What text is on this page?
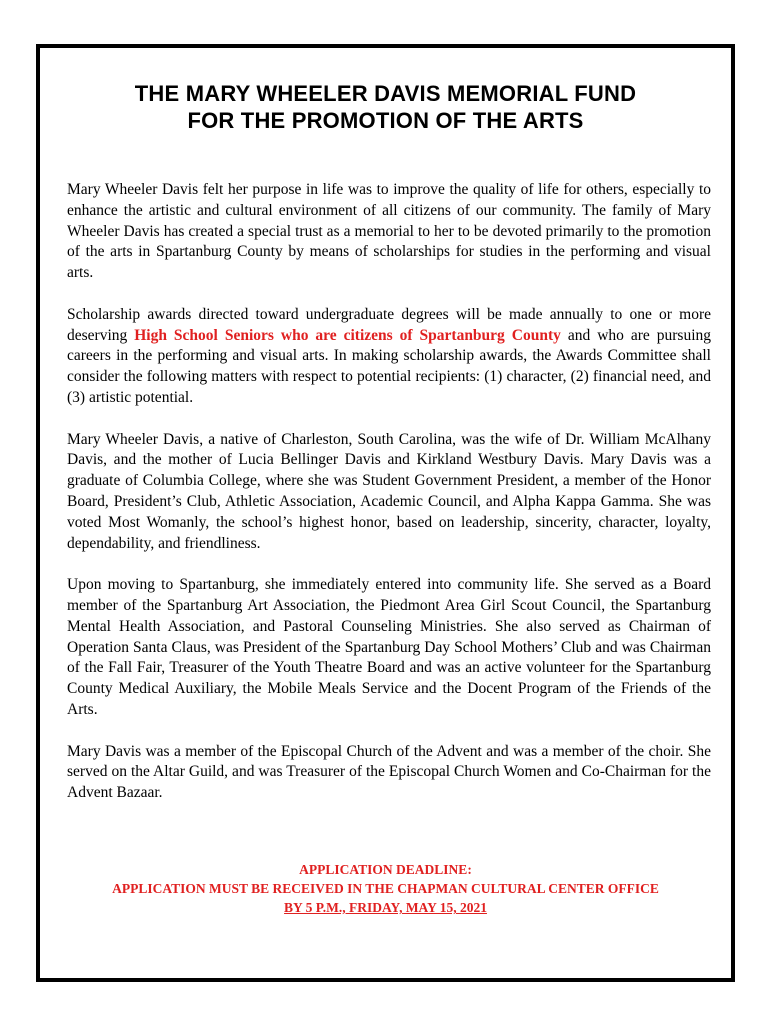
THE MARY WHEELER DAVIS MEMORIAL FUND
FOR THE PROMOTION OF THE ARTS

Mary Wheeler Davis felt her purpose in life was to improve the quality of life for others, especially to enhance the artistic and cultural environment of all citizens of our community. The family of Mary Wheeler Davis has created a special trust as a memorial to her to be devoted primarily to the promotion of the arts in Spartanburg County by means of scholarships for studies in the performing and visual arts.

Scholarship awards directed toward undergraduate degrees will be made annually to one or more deserving High School Seniors who are citizens of Spartanburg County and who are pursuing careers in the performing and visual arts. In making scholarship awards, the Awards Committee shall consider the following matters with respect to potential recipients: (1) character, (2) financial need, and (3) artistic potential.

Mary Wheeler Davis, a native of Charleston, South Carolina, was the wife of Dr. William McAlhany Davis, and the mother of Lucia Bellinger Davis and Kirkland Westbury Davis. Mary Davis was a graduate of Columbia College, where she was Student Government President, a member of the Honor Board, President’s Club, Athletic Association, Academic Council, and Alpha Kappa Gamma. She was voted Most Womanly, the school’s highest honor, based on leadership, sincerity, character, loyalty, dependability, and friendliness.

Upon moving to Spartanburg, she immediately entered into community life. She served as a Board member of the Spartanburg Art Association, the Piedmont Area Girl Scout Council, the Spartanburg Mental Health Association, and Pastoral Counseling Ministries. She also served as Chairman of Operation Santa Claus, was President of the Spartanburg Day School Mothers’ Club and was Chairman of the Fall Fair, Treasurer of the Youth Theatre Board and was an active volunteer for the Spartanburg County Medical Auxiliary, the Mobile Meals Service and the Docent Program of the Friends of the Arts.

Mary Davis was a member of the Episcopal Church of the Advent and was a member of the choir. She served on the Altar Guild, and was Treasurer of the Episcopal Church Women and Co-Chairman for the Advent Bazaar.

APPLICATION DEADLINE:
APPLICATION MUST BE RECEIVED IN THE CHAPMAN CULTURAL CENTER OFFICE
BY 5 P.M., FRIDAY, MAY 15, 2021
